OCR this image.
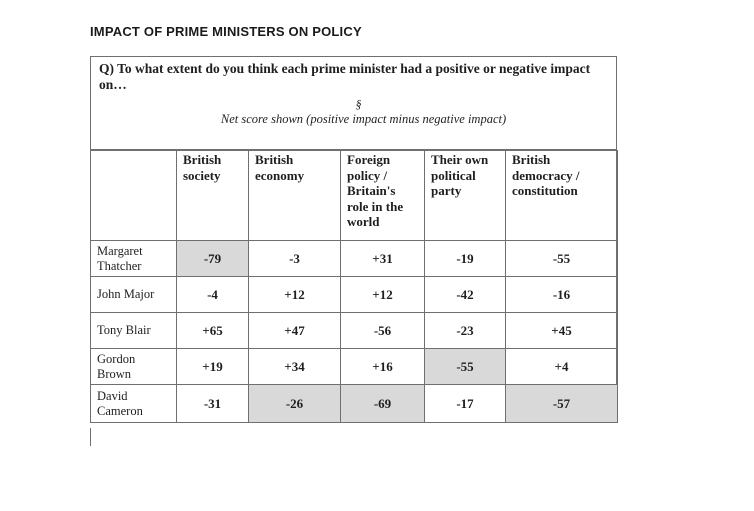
IMPACT OF PRIME MINISTERS ON POLICY
Q) To what extent do you think each prime minister had a positive or negative impact on…
§
Net score shown (positive impact minus negative impact)
	British society	British economy	Foreign policy / Britain's role in the world	Their own political party	British democracy / constitution
Margaret Thatcher	-79	-3	+31	-19	-55
John Major	-4	+12	+12	-42	-16
Tony Blair	+65	+47	-56	-23	+45
Gordon Brown	+19	+34	+16	-55	+4
David Cameron	-31	-26	-69	-17	-57
